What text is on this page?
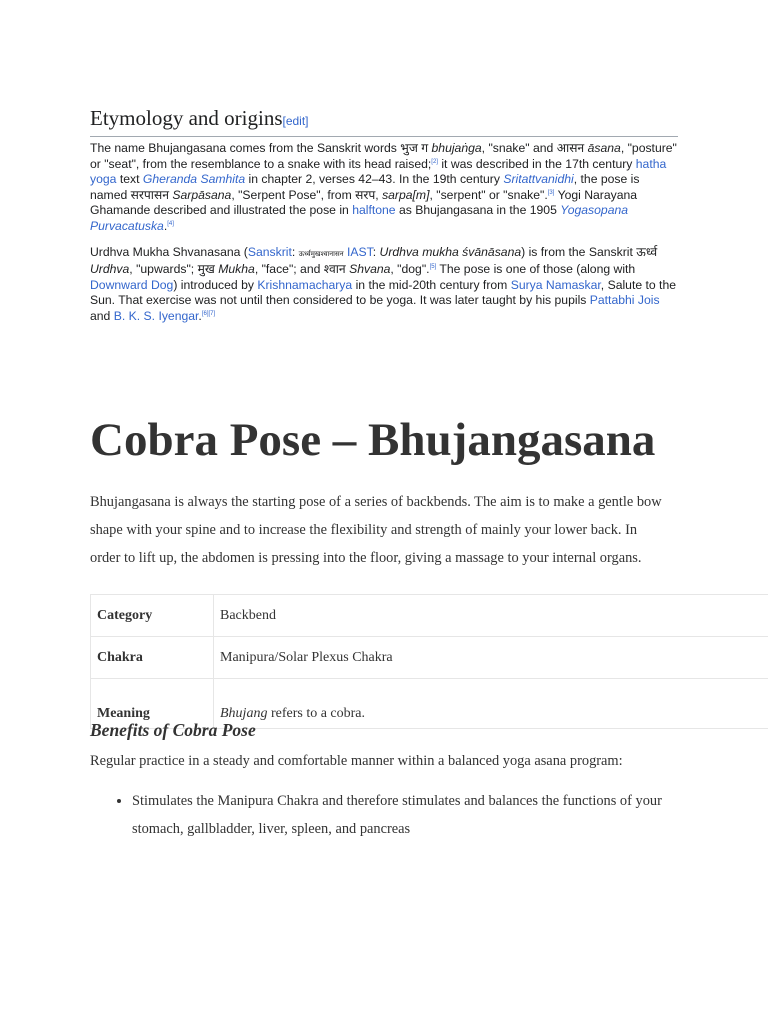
Etymology and origins[edit]

The name Bhujangasana comes from the Sanskrit words भुज ग bhujaṅga, "snake" and आसन āsana, "posture" or "seat", from the resemblance to a snake with its head raised;[2] it was described in the 17th century hatha yoga text Gheranda Samhita in chapter 2, verses 42–43. In the 19th century Sritattvanidhi, the pose is named सरपासन Sarpāsana, "Serpent Pose", from सरप, sarpa[m], "serpent" or "snake".[3] Yogi Narayana Ghamande described and illustrated the pose in halftone as Bhujangasana in the 1905 Yogasopana Purvacatuska.[4]

Urdhva Mukha Shvanasana (Sanskrit: ऊर्ध्वमुखश्वानासन IAST: Urdhva mukha śvānāsana) is from the Sanskrit ऊर्ध्व Urdhva, "upwards"; मुख Mukha, "face"; and श्वान Shvana, "dog".[5] The pose is one of those (along with Downward Dog) introduced by Krishnamacharya in the mid-20th century from Surya Namaskar, Salute to the Sun. That exercise was not until then considered to be yoga. It was later taught by his pupils Pattabhi Jois and B. K. S. Iyengar.[6][7]

Cobra Pose – Bhujangasana

Bhujangasana is always the starting pose of a series of backbends. The aim is to make a gentle bow shape with your spine and to increase the flexibility and strength of mainly your lower back. In order to lift up, the abdomen is pressing into the floor, giving a massage to your internal organs.

Category	Backbend
Chakra	Manipura/Solar Plexus Chakra
Meaning	Bhujang refers to a cobra.
Benefits of Cobra Pose

Regular practice in a steady and comfortable manner within a balanced yoga asana program:

• Stimulates the Manipura Chakra and therefore stimulates and balances the functions of your stomach, gallbladder, liver, spleen, and pancreas
